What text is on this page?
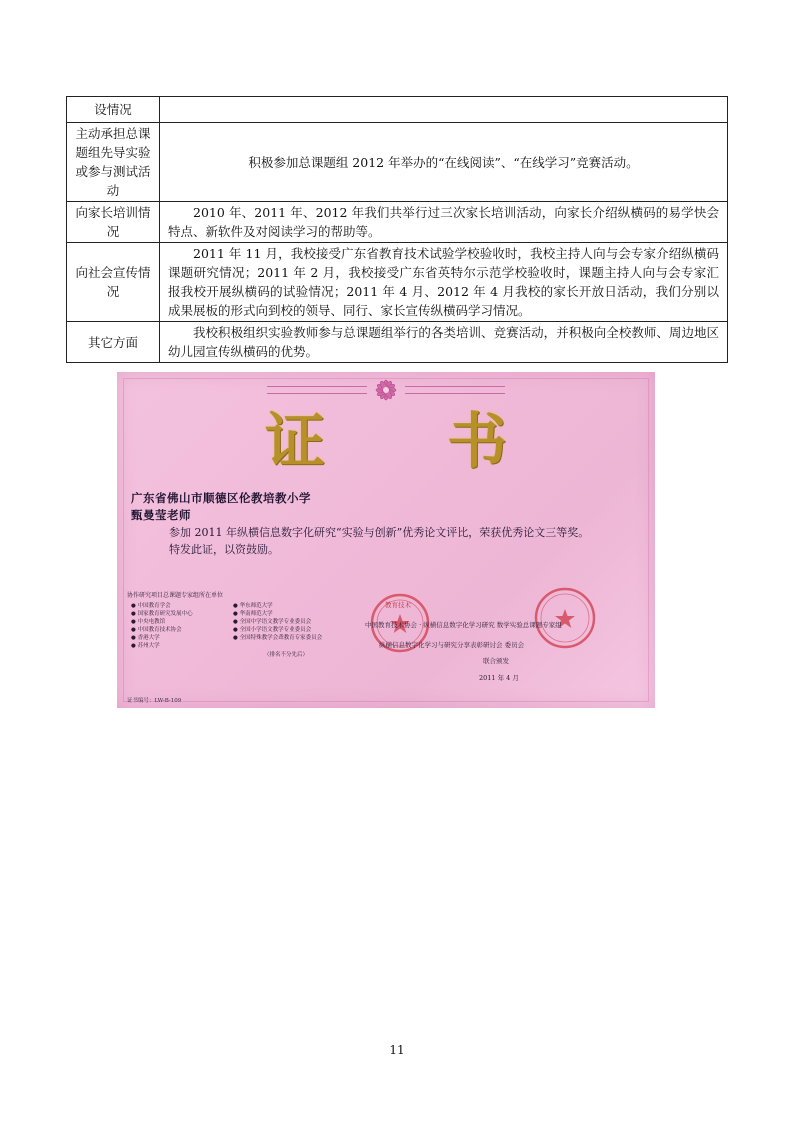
设情况	
主动承担总课题组先导实验或参与测试活动	积极参加总课题组 2012 年举办的“在线阅读”、“在线学习”竞赛活动。
向家长培训情况	2010 年、2011 年、2012 年我们共举行过三次家长培训活动，向家长介绍纵横码的易学快会特点、新软件及对阅读学习的帮助等。

向社会宣传情况	2011 年 11 月，我校接受广东省教育技术试验学校验收时，我校主持人向与会专家介绍纵横码课题研究情况；2011 年 2 月，我校接受广东省英特尔示范学校验收时，课题主持人向与会专家汇报我校开展纵横码的试验情况；2011 年 4 月、2012 年 4 月我校的家长开放日活动，我们分别以成果展板的形式向到校的领导、同行、家长宣传纵横码学习情况。

其它方面	我校积极组织实验教师参与总课题组举行的各类培训、竞赛活动，并积极向全校教师、周边地区幼儿园宣传纵横码的优势。

证 书
广东省佛山市顺德区伦教培教小学
甄曼莹老师

参加 2011 年纵横信息数字化研究“实验与创新”优秀论文评比，荣获优秀论文三等奖。

特发此证，以资鼓励。

协作研究项目总课题专家组所在单位
● 中国教育学会
● 国家教育研究发展中心
● 中央电教馆
● 中国教育技术协会
● 香港大学
● 苏州大学
● 华东师范大学
● 华南师范大学
● 全国中学语文教学专业委员会
● 全国小学语文教学专业委员会
● 全国特殊教学会聋教育专家委员会
（排名不分先后）
教育技术
中国教育技术协会 · 纵横信息数字化学习研究 数学实验总课题专家组
纵横信息数字化学习与研究分享表彰研讨会 委员会
联合颁发
2011 年 4 月
证书编号：LW-B-109
11
